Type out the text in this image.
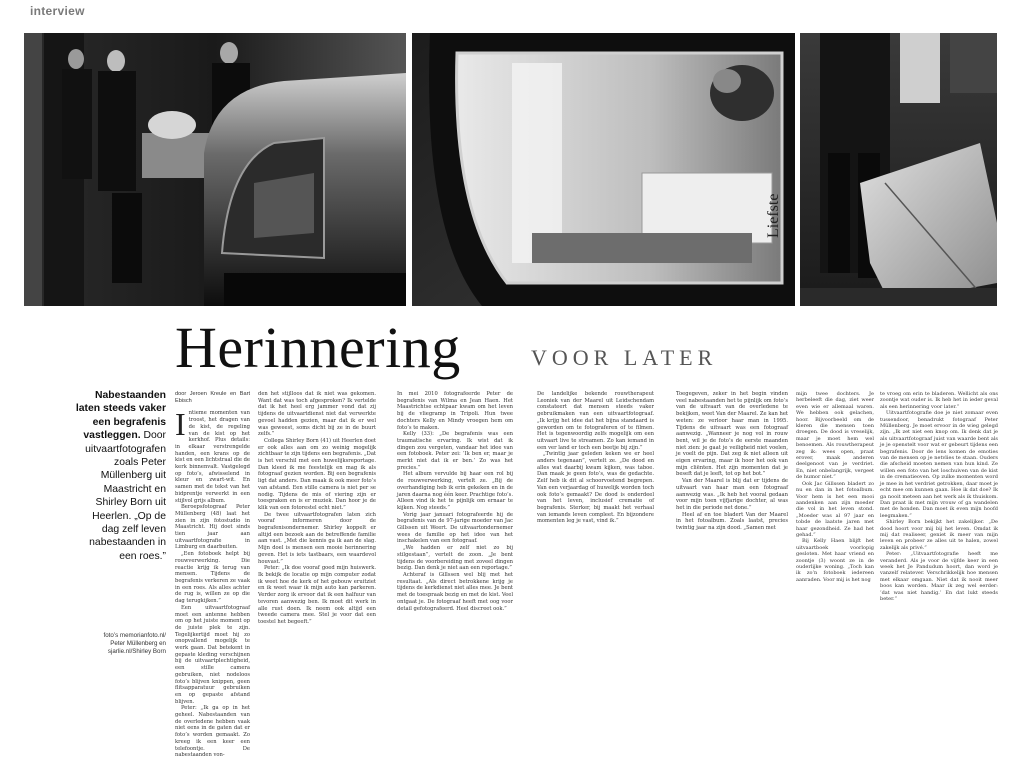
interview
Liefste
Herinnering	VOOR LATER
Nabestaanden laten steeds vaker een begrafenis vastleggen. Door uitvaartfotografen zoals Peter Müllenberg uit Maastricht en Shirley Born uit Heerlen. „Op de dag zelf leven nabestaanden in een roes.”
foto’s memorianfoto.nl/
Peter Müllenberg en
sjarlie.nl/Shirley Born
door Jeroen Kreule en Bart Ebisch

Intieme momenten van troost, het dragen van de kist, de regeling van de kist op het kerkhof. Plus details: in elkaar verstrengelde handen, een krans op de kist en een lichtstraal die de kerk binnenvalt. Vastgelegd op foto’s, afwisselend in kleur en zwart-wit. En samen met de tekst van het bidprentje verwerkt in een stijlvol grijs album.

Beroepsfotograaf Peter Müllenberg (48) laat het zien in zijn fotostudio in Maastricht. Hij doet sinds tien jaar aan uitvaartfotografie in Limburg en daarbuiten.

„Een fotoboek helpt bij rouwverwerking. Die reactie krijg ik terug van mensen. Tijdens de begrafenis verkeren ze vaak in een roes. Als alles achter de rug is, willen ze op die dag terugkijken.”

Een uitvaartfotograaf moet een antenne hebben om op het juiste moment op de juiste plek te zijn. Tegelijkertijd moet hij zo onopvallend mogelijk te werk gaan. Dat betekent in gepaste kleding verschijnen bij de uitvaartplechtigheid, een stille camera gebruiken, niet nodeloos foto’s blijven knippen, geen flitsapparatuur gebruiken en op gepaste afstand blijven.

Peter: „Ik ga op in het geheel. Nabestaanden van de overledene hebben vaak niet eens in de gaten dat er foto’s worden gemaakt. Zo kreeg ik een keer een telefoontje. De nabestaanden von-

den het stijlloos dat ik niet was gekomen. Want dat was toch afgesproken? Ik vertelde dat ik het heel erg jammer vond dat zij tijdens de uitvaartdienst niet dat verwerkte gevoel hadden gezien, maar dat ik er wel was geweest, soms dicht bij ze in de buurt zelfs.”

Collega Shirley Born (41) uit Heerlen doet er ook alles aan om zo weinig mogelijk zichtbaar te zijn tijdens een begrafenis. „Dat is het verschil met een huwelijksreportage. Dan kleed ik me feestelijk en mag ik als fotograaf gezien worden. Bij een begrafenis ligt dat anders. Dan maak ik ook meer foto’s van afstand. Een stille camera is niet per se nodig. Tijdens de mis of viering zijn er toespraken en is er muziek. Dan hoor je de klik van een fotorestel echt niet.”

De twee uitvaartfotografen laten zich vooraf informeren door de begrafenisondernemer. Shirley koppelt er altijd een bezoek aan de betreffende familie aan vast. „Met die kennis ga ik aan de slag. Mijn doel is mensen een mooie herinnering geven. Het is iets tastbaars, een waardevol houvast.”

Peter: „Ik doe vooraf goed mijn huiswerk. Ik bekijk de locatie op mijn computer zodat ik weet hoe de kerk of het gebouw eruitziet en ik weet waar ik mijn auto kan parkeren. Verder zorg ik ervoor dat ik een halfuur van tevoren aanwezig ben. Ik moet dit werk in alle rust doen. Ik neem ook altijd een tweede camera mee. Stel je voor dat een toestel het begeeft.”

In mei 2010 fotografeerde Peter de begrafenis van Wilma en Jean Haen. Het Maastrichtse echtpaar kwam om het leven bij de vliegramp in Tripoli. Hun twee dochters Kelly en Mindy vroegen hem om foto’s te maken.

Kelly (33): „De begrafenis was een traumatische ervaring. Ik wist dat ik dingen zou vergeten, vandaar het idee van een fotoboek. Peter zei: ’Ik ben er, maar je merkt niet dat ik er ben.’ Zo was het precies.”

Het album vervulde bij haar een rol bij de rouwverwerking, vertelt ze. „Bij de overhandiging heb ik erin gekeken en in de jaren daarna nog één keer. Prachtige foto’s. Alleen vind ik het te pijnlijk om ernaar te kijken. Nog steeds.”

Vorig jaar januari fotografeerde hij de begrafenis van de 97-jarige moeder van Jac Gillssen uit Weert. De uitvaartondernemer wees de familie op het idee van het inschakelen van een fotograaf.

„We hadden er zelf niet zo bij stilgestaan”, vertelt de zoon. „Je bent tijdens de voorbereiding met zoveel dingen bezig. Dan denk je niet aan een reportage.”

Achteraf is Gillssen wel blij met het resultaat. „Als direct betrokkene krijg je tijdens de kerkdienst niet alles mee. Je bent met de toespraak bezig en met de kist. Veel ontgaat je. De fotograaf heeft met oog voor detail gefotografeerd. Heel discreet ook.”

De landelijke bekende rouwtherapeut Leoniek van der Maarel uit Leidschendam constateert dat mensen steeds vaker gebruikmaken van een uitvaartfotograaf. „Ik krijg het idee dat het bijna standaard is geworden om te fotograferen of te filmen. Het is tegenwoordig zelfs mogelijk om een uitvaart live te streamen. Zo kan iemand in een ver land er toch een beetje bij zijn.”

„Twintig jaar geleden keken we er heel anders tegenaan”, vertelt ze. „De dood en alles wat daarbij kwam kijken, was taboe. Dan maak je geen foto’s, was de gedachte. Zelf heb ik dit al schoorvoetend begrepen. Van een verjaardag of huwelijk worden toch ook foto’s gemaakt? De dood is onderdeel van het leven, inclusief crematie of begrafenis. Sterker, bij maakt het verhaal van iemands leven compleet. En bijzondere momenten leg je vast, vind ik.”

Toegegeven, zeker in het begin vinden veel nabestaanden het te pijnlijk om foto’s van de uitvaart van de overledene te bekijken, weet Van der Maarel. Ze kan het weten: ze verloor haar man in 1995. Tijdens de uitvaart was een fotograaf aanwezig. „Wanneer je nog vol in rouw bent, wil je de foto’s de eerste maanden niet zien: je gaat je veiligheid niet voelen, je voelt de pijn. Dat zeg ik niet alleen uit eigen ervaring, maar ik hoor het ook van mijn cliënten. Het zijn momenten dat je beseft dat je leeft, tot op het bot.”

Van der Maarel is blij dat er tijdens de uitvaart van haar man een fotograaf aanwezig was. „Ik heb het vooral gedaan voor mijn toen vijfjarige dochter, al was het in die periode net done.”

Heel af en toe bladert Van der Maarel in het fotoalbum. Zoals laatst, precies twintig jaar na zijn dood. „Samen met

mijn twee dochters. Je herbeleeft die dag, ziet weer even wie er allemaal waren. We hebben ook gelachen, hoor. Bijvoorbeeld om de kleren die mensen toen droegen. De dood is vreselijk, maar je moet hem wel benoemen. Als rouwtherapeut zeg ik: wees open, praat erover, maak anderen deelgenoot van je verdriet. En, niet onbelangrijk, vergeet de humor niet.”

Ook Jac Gillssen bladert zo nu en dan in het fotoalbum. Voor hem is het een mooi aandenken aan zijn moeder die vol in het leven stond. „Moeder was al 97 jaar en tobde de laatste jaren met haar gezondheid. Ze had het gehad.”

Bij Kelly Haen blijft het uitvaartboek voorlopig gesloten. Met haar vriend en zoontje (3) woont ze in de ouderlijke woning. „Toch kan ik zo’n fotoboek iedereen aanraden. Voor mij is het nog

te vroeg om erin te bladeren. Wellicht als ons zoontje wat ouder is. Ik heb het in ieder geval als een herinnering voor later.”

Uitvaartfotografie doe je niet zomaar even tussendoor, benadrukt fotograaf Peter Müllenberg. Je moet ervoor in de wieg gelegd zijn. „Ik zet niet een knop om. Ik denk dat je als uitvaartfotograaf juist van waarde bent als je je openstelt voor wat er gebeurt tijdens een begrafenis. Door de lens komen de emoties van de mensen op je netvlies te staan. Ouders die afscheid moeten nemen van hun kind. Ze willen een foto van het loschuiven van de kist in de crematieoven. Op zulke momenten word je mee in het verdriet getrokken, daar moet je echt mee om kunnen gaan. Hoe ik dat doe? Ik ga nooit meteen aan het werk als ik thuiskom. Dan praat ik met mijn vrouw of ga wandelen met de honden. Dan moet ik even mijn hoofd leegmaken.”

Shirley Born bekijkt het zakelijker. „De dood hoort voor mij bij het leven. Omdat ik mij dat realiseer, geniet ik meer van mijn leven en probeer ze alles uit te halen, zowel zakelijk als privé.”

Peter: „Uitvaartfotografie heeft me veranderd. Als je voor de vijfde keer in een week het Je Pandudum hoort, dan word je vanzelf relatever. Verschrikkelijk hoe mensen met elkaar omgaan. Niet dat ik nooit meer boos kan worden. Maar ik zeg wel eerder: ’dat was niet handig.’ En dat lukt steeds beter.”
